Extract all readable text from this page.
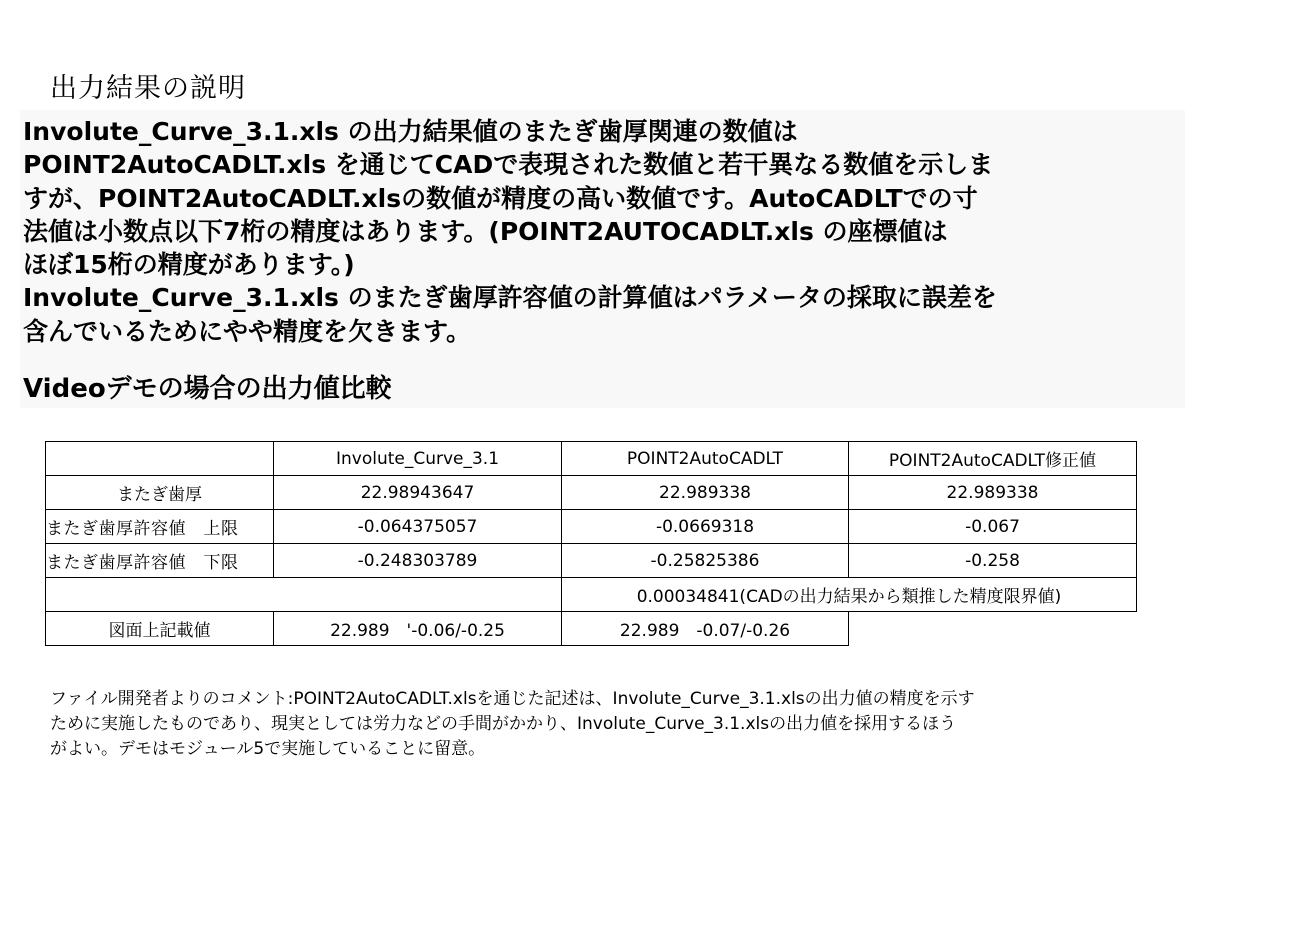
出力結果の説明
Involute_Curve_3.1.xls の出力結果値のまたぎ歯厚関連の数値は
POINT2AutoCADLT.xls を通じてCADで表現された数値と若干異なる数値を示しま
すが、POINT2AutoCADLT.xlsの数値が精度の高い数値です。AutoCADLTでの寸
法値は小数点以下7桁の精度はあります。(POINT2AUTOCADLT.xls の座標値は
ほぼ15桁の精度があります。)
Involute_Curve_3.1.xls のまたぎ歯厚許容値の計算値はパラメータの採取に誤差を
含んでいるためにやや精度を欠きます。
Videoデモの場合の出力値比較
	Involute_Curve_3.1	POINT2AutoCADLT	POINT2AutoCADLT修正値
またぎ歯厚	22.98943647	22.989338	22.989338
またぎ歯厚許容値　上限	-0.064375057	-0.0669318	-0.067
またぎ歯厚許容値　下限	-0.248303789	-0.25825386	-0.258
		0.00034841(CADの出力結果から類推した精度限界値)	
図面上記載値	22.989　'-0.06/-0.25	22.989　-0.07/-0.26	
ファイル開発者よりのコメント:POINT2AutoCADLT.xlsを通じた記述は、Involute_Curve_3.1.xlsの出力値の精度を示す
ために実施したものであり、現実としては労力などの手間がかかり、Involute_Curve_3.1.xlsの出力値を採用するほう
がよい。デモはモジュール5で実施していることに留意。
